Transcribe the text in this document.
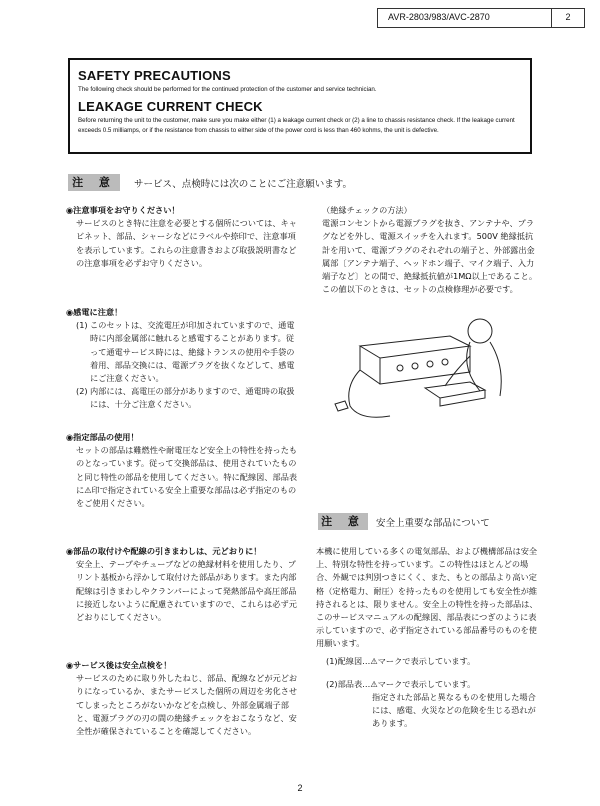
AVR-2803/983/AVC-2870	2
SAFETY PRECAUTIONS

The following check should be performed for the continued protection of the customer and service technician.

LEAKAGE CURRENT CHECK

Before returning the unit to the customer, make sure you make either (1) a leakage current check or (2) a line to chassis resistance check. If the leakage current exceeds 0.5 milliamps, or if the resistance from chassis to either side of the power cord is less than 460 kohms, the unit is defective.

注 意	サービス、点検時には次のことにご注意願います。
◉注意事項をお守りください！
サービスのとき特に注意を必要とする個所については、キャビネット、部品、シャーシなどにラベルや捺印で、注意事項を表示しています。これらの注意書きおよび取扱説明書などの注意事項を必ずお守りください。
◉感電に注意！
(1) このセットは、交流電圧が印加されていますので、通電時に内部金属部に触れると感電することがあります。従って通電サービス時には、絶縁トランスの使用や手袋の着用、部品交換には、電源プラグを抜くなどして、感電にご注意ください。
(2) 内部には、高電圧の部分がありますので、通電時の取扱には、十分ご注意ください。
◉指定部品の使用！
セットの部品は難燃性や耐電圧など安全上の特性を持ったものとなっています。従って交換部品は、使用されていたものと同じ特性の部品を使用してください。特に配線図、部品表に⚠印で指定されている安全上重要な部品は必ず指定のものをご使用ください。
◉部品の取付けや配線の引きまわしは、元どおりに！
安全上、テープやチューブなどの絶縁材料を使用したり、プリント基板から浮かして取付けた部品があります。また内部配線は引きまわしやクランパーによって発熱部品や高圧部品に接近しないように配慮されていますので、これらは必ず元どおりにしてください。
◉サービス後は安全点検を！
サービスのために取り外したねじ、部品、配線などが元どおりになっているか、またサービスした個所の周辺を劣化させてしまったところがないかなどを点検し、外部金属端子部と、電源プラグの刃の間の絶縁チェックをおこなうなど、安全性が確保されていることを確認してください。
（絶縁チェックの方法）
電源コンセントから電源プラグを抜き、アンテナや、プラグなどを外し、電源スイッチを入れます。500V 絶縁抵抗計を用いて、電源プラグのそれぞれの端子と、外部露出金属部〔アンテナ端子、ヘッドホン端子、マイク端子、入力端子など〕との間で、絶縁抵抗値が1MΩ以上であること。この値以下のときは、セットの点検修理が必要です。
注 意	安全上重要な部品について
本機に使用している多くの電気部品、および機構部品は安全上、特別な特性を持っています。この特性はほとんどの場合、外観では判別つきにくく、また、もとの部品より高い定格（定格電力、耐圧）を持ったものを使用しても安全性が維持されるとは、限りません。安全上の特性を持った部品は、このサービスマニュアルの配線図、部品表につぎのように表示していますので、必ず指定されている部品番号のものを使用願います。
(1)配線図…⚠マークで表示しています。
(2)部品表…⚠マークで表示しています。
指定された部品と異なるものを使用した場合には、感電、火災などの危険を生じる恐れがあります。
2
